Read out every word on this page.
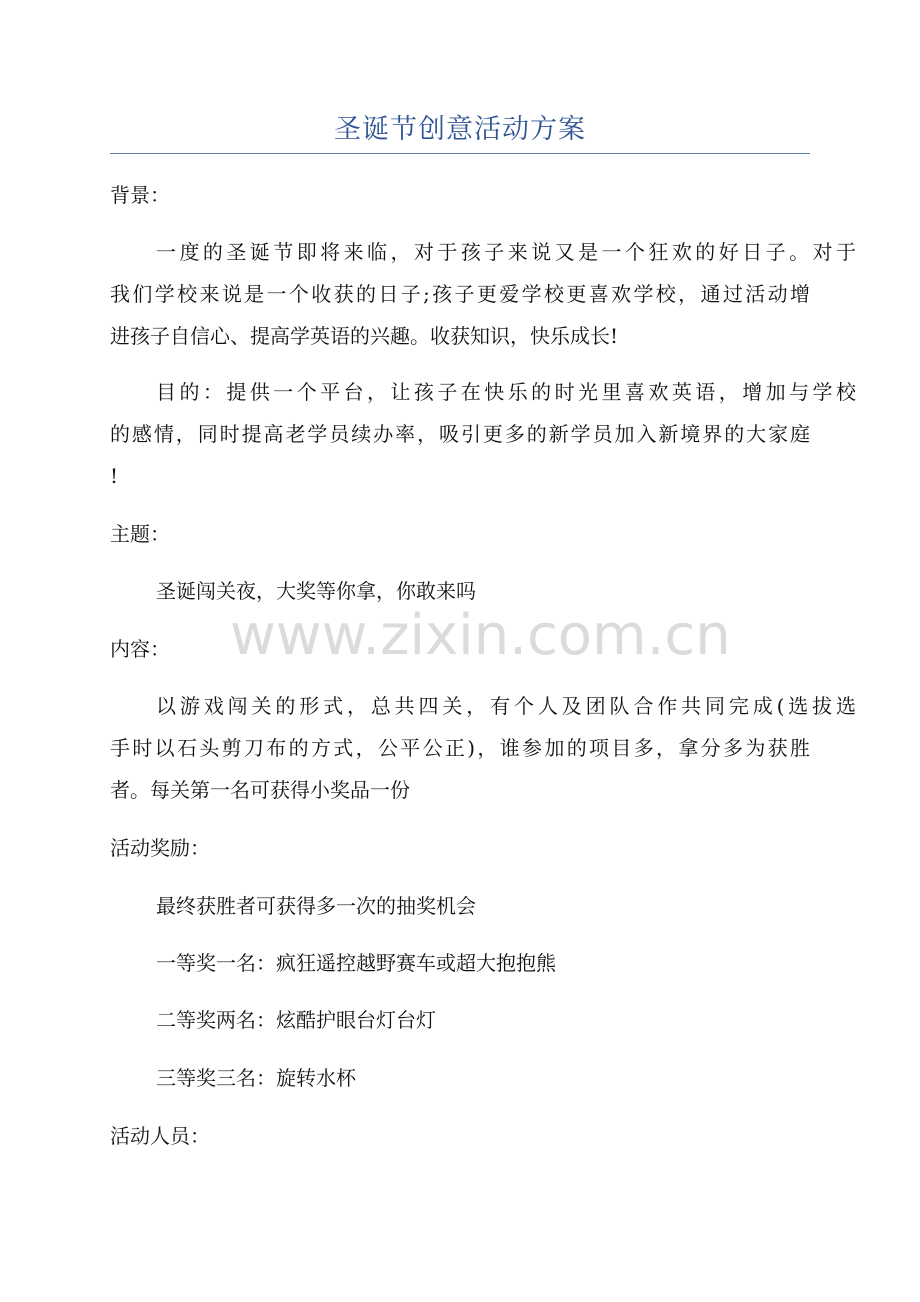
圣诞节创意活动方案
背景：
一度的圣诞节即将来临，对于孩子来说又是一个狂欢的好日子。对于
我们学校来说是一个收获的日子;孩子更爱学校更喜欢学校，通过活动增
进孩子自信心、提高学英语的兴趣。收获知识，快乐成长!
目的：提供一个平台，让孩子在快乐的时光里喜欢英语，增加与学校
的感情，同时提高老学员续办率，吸引更多的新学员加入新境界的大家庭
!
主题：
圣诞闯关夜，大奖等你拿，你敢来吗
内容：
以游戏闯关的形式，总共四关，有个人及团队合作共同完成(选拔选
手时以石头剪刀布的方式，公平公正)，谁参加的项目多，拿分多为获胜
者。每关第一名可获得小奖品一份
活动奖励：
最终获胜者可获得多一次的抽奖机会
一等奖一名：疯狂遥控越野赛车或超大抱抱熊
二等奖两名：炫酷护眼台灯台灯
三等奖三名：旋转水杯
活动人员：
www.zixin.com.cn
